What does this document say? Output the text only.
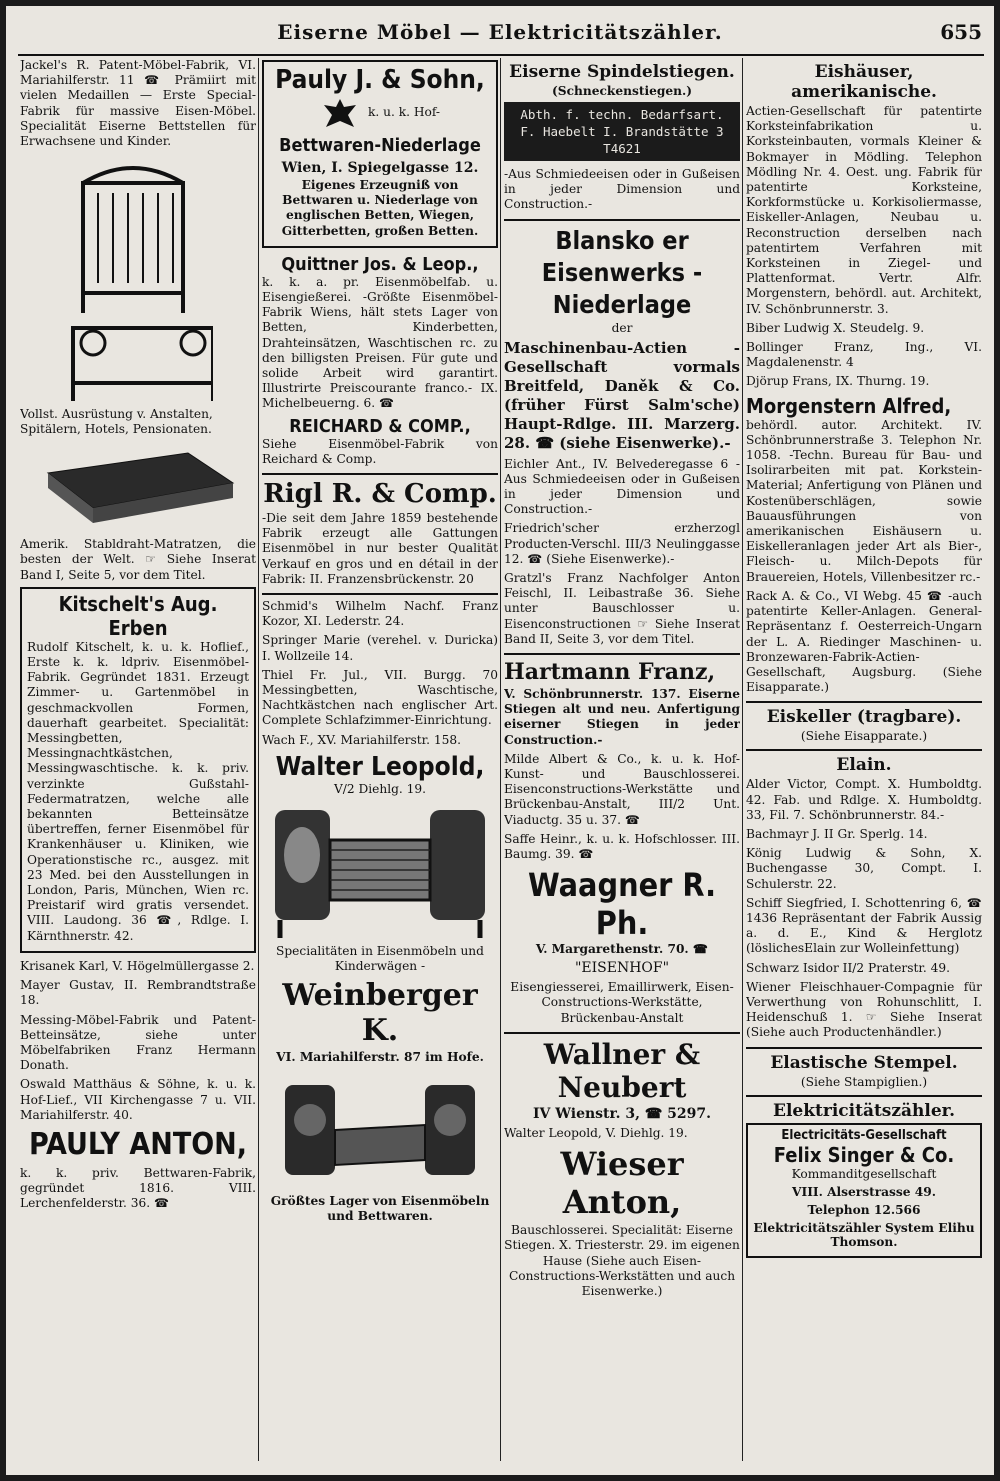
Eiserne Möbel — Elektricitätszähler.	655

Jackel's R. Patent-Möbel-Fabrik, VI. Mariahilferstr. 11 ☎ Prämiirt mit vielen Medaillen — Erste Special-Fabrik für massive Eisen-Möbel. Specialität Eiserne Bettstellen für Erwachsene und Kinder.

Vollst. Ausrüstung v. Anstalten, Spitälern, Hotels, Pensionaten.

Amerik. Stabldraht-Matratzen, die besten der Welt. ☞ Siehe Inserat Band I, Seite 5, vor dem Titel.

Kitschelt's Aug. Erben

Rudolf Kitschelt, k. u. k. Hoflief., Erste k. k. ldpriv. Eisenmöbel-Fabrik. Gegründet 1831. Erzeugt Zimmer- u. Gartenmöbel in geschmackvollen Formen, dauerhaft gearbeitet. Specialität: Messingbetten, Messingnachtkästchen, Messingwaschtische. k. k. priv. verzinkte Gußstahl-Federmatratzen, welche alle bekannten Betteinsätze übertreffen, ferner Eisenmöbel für Krankenhäuser u. Kliniken, wie Operationstische rc., ausgez. mit 23 Med. bei den Ausstellungen in London, Paris, München, Wien rc. Preistarif wird gratis versendet. VIII. Laudong. 36 ☎, Rdlge. I. Kärnthnerstr. 42.

Krisanek Karl, V. Högelmüllergasse 2.

Mayer Gustav, II. Rembrandtstraße 18.

Messing-Möbel-Fabrik und Patent-Betteinsätze, siehe unter Möbelfabriken Franz Hermann Donath.

Oswald Matthäus & Söhne, k. u. k. Hof-Lief., VII Kirchengasse 7 u. VII. Mariahilferstr. 40.

PAULY ANTON,

k. k. priv. Bettwaren-Fabrik, gegründet 1816. VIII. Lerchenfelderstr. 36. ☎

Pauly J. & Sohn,
k. u. k. Hof-
Bettwaren-Niederlage
Wien, I. Spiegelgasse 12.

Eigenes Erzeugniß von Bettwaren u. Niederlage von englischen Betten, Wiegen, Gitterbetten, großen Betten.

Quittner Jos. & Leop.,

k. k. a. pr. Eisenmöbelfab. u. Eisengießerei. -Größte Eisenmöbel-Fabrik Wiens, hält stets Lager von Betten, Kinderbetten, Drahteinsätzen, Waschtischen rc. zu den billigsten Preisen. Für gute und solide Arbeit wird garantirt. Illustrirte Preiscourante franco.- IX. Michelbeuerng. 6. ☎

REICHARD & COMP.,

Siehe Eisenmöbel-Fabrik von Reichard & Comp.

Rigl R. & Comp.

-Die seit dem Jahre 1859 bestehende Fabrik erzeugt alle Gattungen Eisenmöbel in nur bester Qualität Verkauf en gros und en détail in der Fabrik: II. Franzensbrückenstr. 20

Schmid's Wilhelm Nachf. Franz Kozor, XI. Lederstr. 24.

Springer Marie (verehel. v. Duricka) I. Wollzeile 14.

Thiel Fr. Jul., VII. Burgg. 70 Messingbetten, Waschtische, Nachtkästchen nach englischer Art. Complete Schlafzimmer-Einrichtung.

Wach F., XV. Mariahilferstr. 158.

Walter Leopold,
V/2 Diehlg. 19.

Specialitäten in Eisenmöbeln und Kinderwägen -

Weinberger K.

VI. Mariahilferstr. 87 im Hofe.

Größtes Lager von Eisenmöbeln und Bettwaren.

Eiserne Spindelstiegen.
(Schneckenstiegen.)
Abth. f. techn. Bedarfsart.
F. Haebelt I. Brandstätte 3 T4621

-Aus Schmiedeeisen oder in Gußeisen in jeder Dimension und Construction.-

Blansko er Eisenwerks - Niederlage
der

Maschinenbau-Actien - Gesellschaft vormals Breitfeld, Daněk & Co. (früher Fürst Salm'sche) Haupt-Rdlge. III. Marzerg. 28. ☎ (siehe Eisenwerke).-

Eichler Ant., IV. Belvederegasse 6 -Aus Schmiedeeisen oder in Gußeisen in jeder Dimension und Construction.-

Friedrich'scher erzherzogl Producten-Verschl. III/3 Neulinggasse 12. ☎ (Siehe Eisenwerke).-

Gratzl's Franz Nachfolger Anton Feischl, II. Leibastraße 36. Siehe unter Bauschlosser u. Eisenconstructionen ☞ Siehe Inserat Band II, Seite 3, vor dem Titel.

Hartmann Franz,

V. Schönbrunnerstr. 137. Eiserne Stiegen alt und neu. Anfertigung eiserner Stiegen in jeder Construction.-

Milde Albert & Co., k. u. k. Hof-Kunst- und Bauschlosserei. Eisenconstructions-Werkstätte und Brückenbau-Anstalt, III/2 Unt. Viaductg. 35 u. 37. ☎

Saffe Heinr., k. u. k. Hofschlosser. III. Baumg. 39. ☎

Waagner R. Ph.
V. Margarethenstr. 70. ☎
"EISENHOF"

Eisengiesserei, Emaillirwerk, Eisen-Constructions-Werkstätte, Brückenbau-Anstalt

Wallner & Neubert
IV Wienstr. 3, ☎ 5297.

Walter Leopold, V. Diehlg. 19.

Wieser Anton,

Bauschlosserei. Specialität: Eiserne Stiegen. X. Triesterstr. 29. im eigenen Hause (Siehe auch Eisen-Constructions-Werkstätten und auch Eisenwerke.)

Eishäuser, amerikanische.

Actien-Gesellschaft für patentirte Korksteinfabrikation u. Korksteinbauten, vormals Kleiner & Bokmayer in Mödling. Telephon Mödling Nr. 4. Oest. ung. Fabrik für patentirte Korksteine, Korkformstücke u. Korkisoliermasse, Eiskeller-Anlagen, Neubau u. Reconstruction derselben nach patentirtem Verfahren mit Korksteinen in Ziegel- und Plattenformat. Vertr. Alfr. Morgenstern, behördl. aut. Architekt, IV. Schönbrunnerstr. 3.

Biber Ludwig X. Steudelg. 9.

Bollinger Franz, Ing., VI. Magdalenenstr. 4

Djörup Frans, IX. Thurng. 19.

Morgenstern Alfred,

behördl. autor. Architekt. IV. Schönbrunnerstraße 3. Telephon Nr. 1058. -Techn. Bureau für Bau- und Isolirarbeiten mit pat. Korkstein-Material; Anfertigung von Plänen und Kostenüberschlägen, sowie Bauausführungen von amerikanischen Eishäusern u. Eiskelleranlagen jeder Art als Bier-, Fleisch- u. Milch-Depots für Brauereien, Hotels, Villenbesitzer rc.-

Rack A. & Co., VI Webg. 45 ☎ -auch patentirte Keller-Anlagen. General-Repräsentanz f. Oesterreich-Ungarn der L. A. Riedinger Maschinen- u. Bronzewaren-Fabrik-Actien-Gesellschaft, Augsburg. (Siehe Eisapparate.)

Eiskeller (tragbare).
(Siehe Eisapparate.)
Elain.

Alder Victor, Compt. X. Humboldtg. 42. Fab. und Rdlge. X. Humboldtg. 33, Fil. 7. Schönbrunnerstr. 84.-

Bachmayr J. II Gr. Sperlg. 14.

König Ludwig & Sohn, X. Buchengasse 30, Compt. I. Schulerstr. 22.

Schiff Siegfried, I. Schottenring 6, ☎ 1436 Repräsentant der Fabrik Aussig a. d. E., Kind & Herglotz (löslichesElain zur Wolleinfettung)

Schwarz Isidor II/2 Praterstr. 49.

Wiener Fleischhauer-Compagnie für Verwerthung von Rohunschlitt, I. Heidenschuß 1. ☞ Siehe Inserat (Siehe auch Productenhändler.)

Elastische Stempel.
(Siehe Stampiglien.)
Elektricitätszähler.
Electricitäts-Gesellschaft
Felix Singer & Co.
Kommanditgesellschaft
VIII. Alserstrasse 49.
Telephon 12.566
Elektricitätszähler System Elihu Thomson.
